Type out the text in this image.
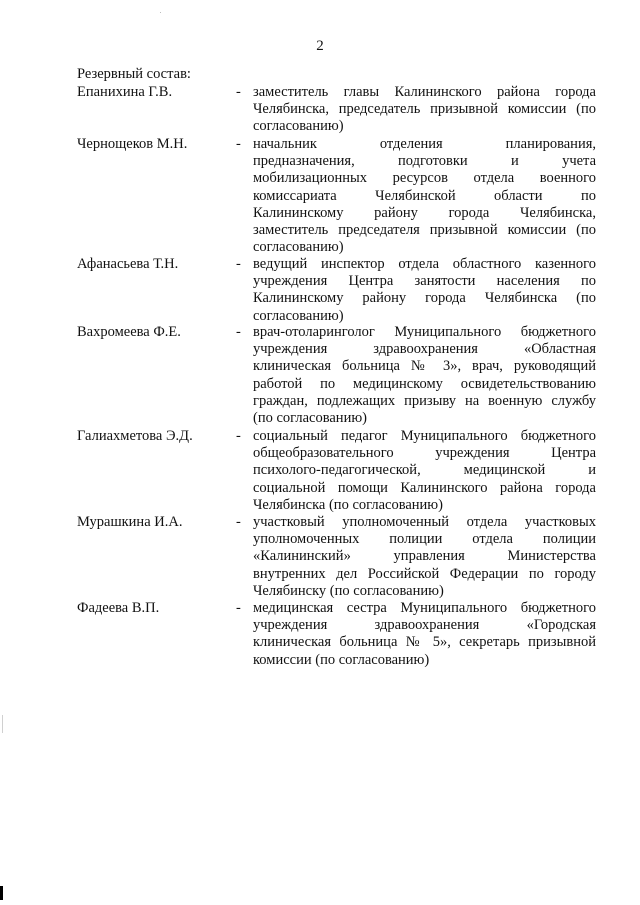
2
Резервный состав:
Епанихина Г.В.	- заместитель главы Калининского района города
Челябинска, председатель призывной комиссии (по
согласованию)
Чернощеков М.Н.	- начальник отделения планирования,
предназначения, подготовки и учета
мобилизационных ресурсов отдела военного
комиссариата Челябинской области по
Калининскому району города Челябинска,
заместитель председателя призывной комиссии (по
согласованию)
Афанасьева Т.Н.	- ведущий инспектор отдела областного казенного
учреждения Центра занятости населения по
Калининскому району города Челябинска (по
согласованию)
Вахромеева Ф.Е.	- врач-отоларинголог Муниципального бюджетного
учреждения здравоохранения «Областная
клиническая больница № 3», врач, руководящий
работой по медицинскому освидетельствованию
граждан, подлежащих призыву на военную службу
(по согласованию)
Галиахметова Э.Д.	- социальный педагог Муниципального бюджетного
общеобразовательного учреждения Центра
психолого-педагогической, медицинской и
социальной помощи Калининского района города
Челябинска (по согласованию)
Мурашкина И.А.	- участковый уполномоченный отдела участковых
уполномоченных полиции отдела полиции
«Калининский» управления Министерства
внутренних дел Российской Федерации по городу
Челябинску (по согласованию)
Фадеева В.П.	- медицинская сестра Муниципального бюджетного
учреждения здравоохранения «Городская
клиническая больница № 5», секретарь призывной
комиссии (по согласованию)
